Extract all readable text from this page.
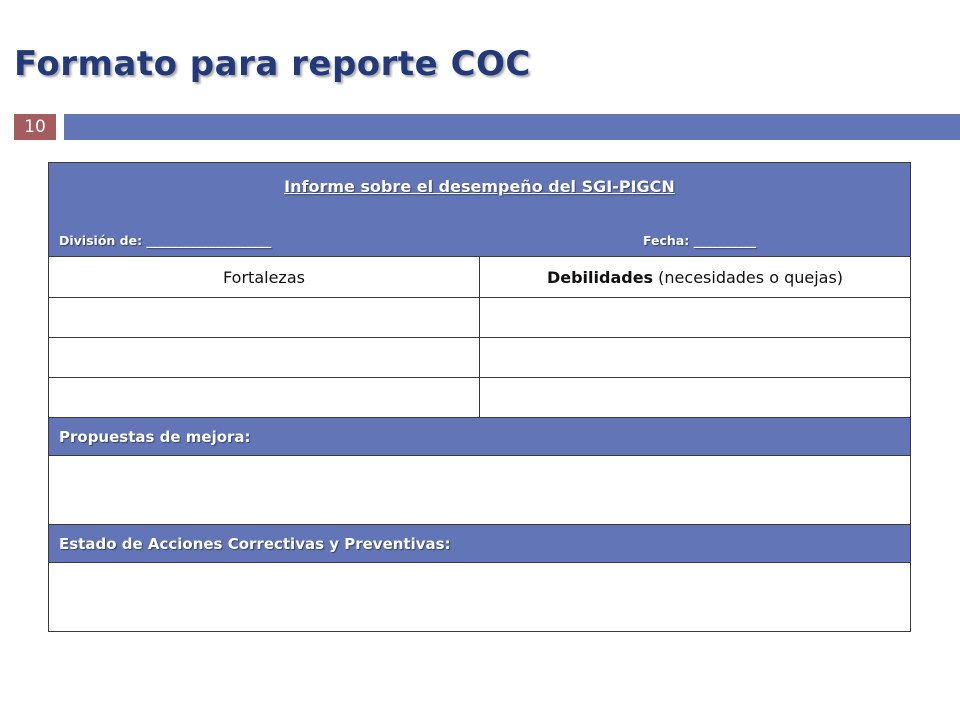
Formato para reporte COC
10
Informe sobre el desempeño del SGI-PIGCN
División de: ____________________	Fecha: __________
Fortalezas	Debilidades (necesidades o quejas)
Propuestas de mejora:
Estado de Acciones Correctivas y Preventivas:
